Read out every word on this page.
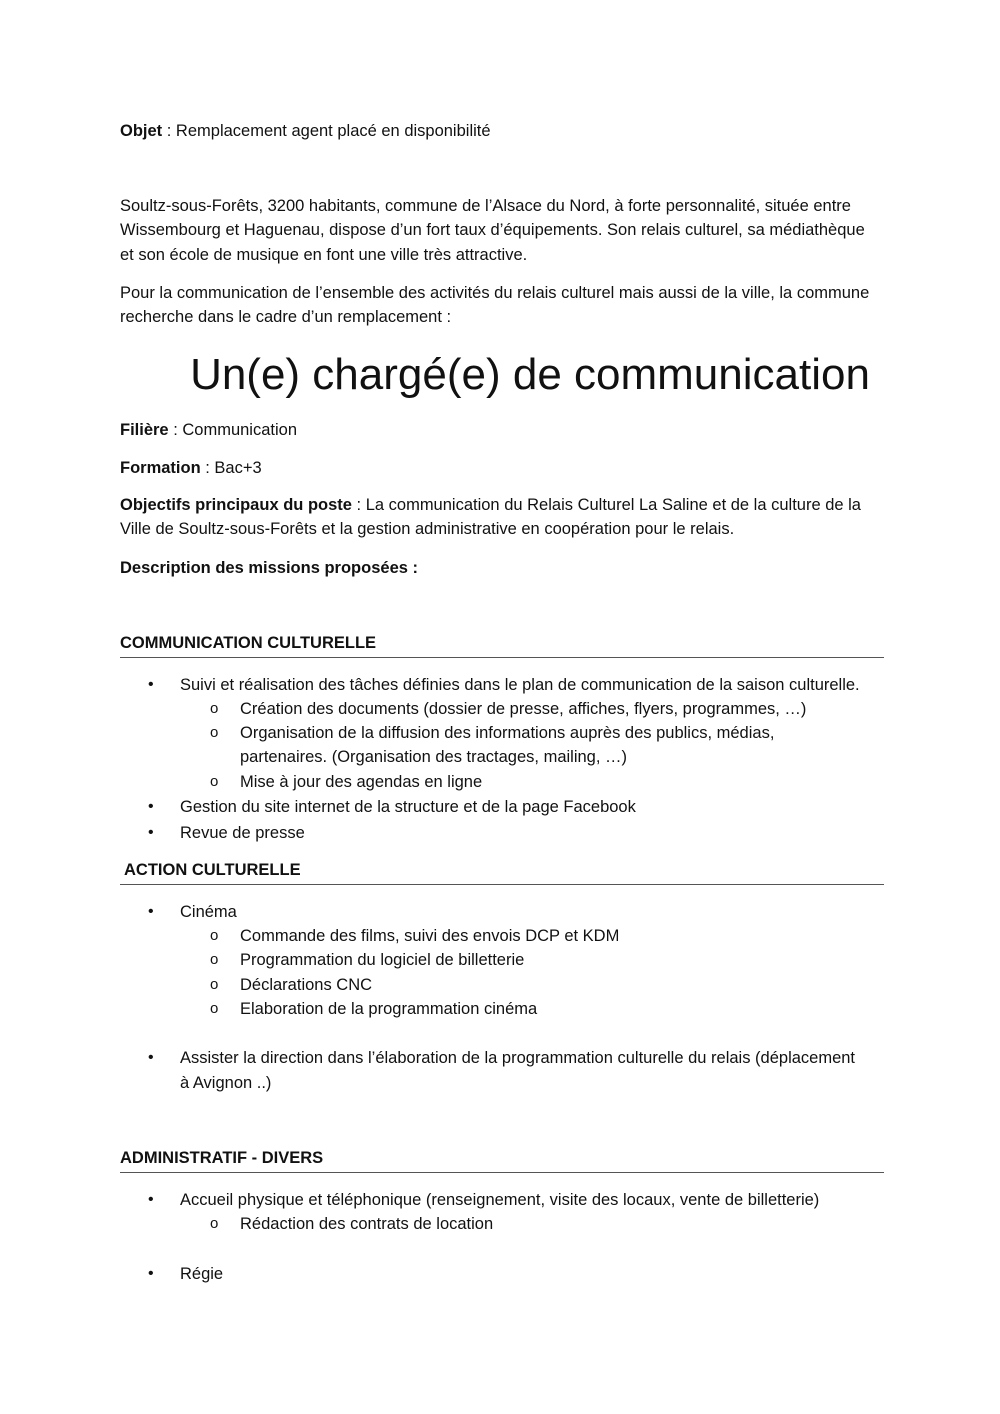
Objet : Remplacement agent placé en disponibilité
Soultz-sous-Forêts, 3200 habitants, commune de l’Alsace du Nord, à forte personnalité, située entre
Wissembourg et Haguenau, dispose d’un fort taux d’équipements. Son relais culturel, sa médiathèque
et son école de musique en font une ville très attractive.
Pour la communication de l’ensemble des activités du relais culturel mais aussi de la ville, la commune
recherche dans le cadre d’un remplacement :
Un(e) chargé(e) de communication
Filière : Communication
Formation : Bac+3
Objectifs principaux du poste : La communication du Relais Culturel La Saline et de la culture de la
Ville de Soultz-sous-Forêts et la gestion administrative en coopération pour le relais.
Description des missions proposées :
COMMUNICATION CULTURELLE
• Suivi et réalisation des tâches définies dans le plan de communication de la saison culturelle.
o Création des documents (dossier de presse, affiches, flyers, programmes, …)
o Organisation de la diffusion des informations auprès des publics, médias,
partenaires. (Organisation des tractages, mailing, …)
o Mise à jour des agendas en ligne
• Gestion du site internet de la structure et de la page Facebook
• Revue de presse
ACTION CULTURELLE
• Cinéma
o Commande des films, suivi des envois DCP et KDM
o Programmation du logiciel de billetterie
o Déclarations CNC
o Elaboration de la programmation cinéma
• Assister la direction dans l’élaboration de la programmation culturelle du relais (déplacement
à Avignon ..)
ADMINISTRATIF - DIVERS
• Accueil physique et téléphonique (renseignement, visite des locaux, vente de billetterie)
o Rédaction des contrats de location
• Régie
